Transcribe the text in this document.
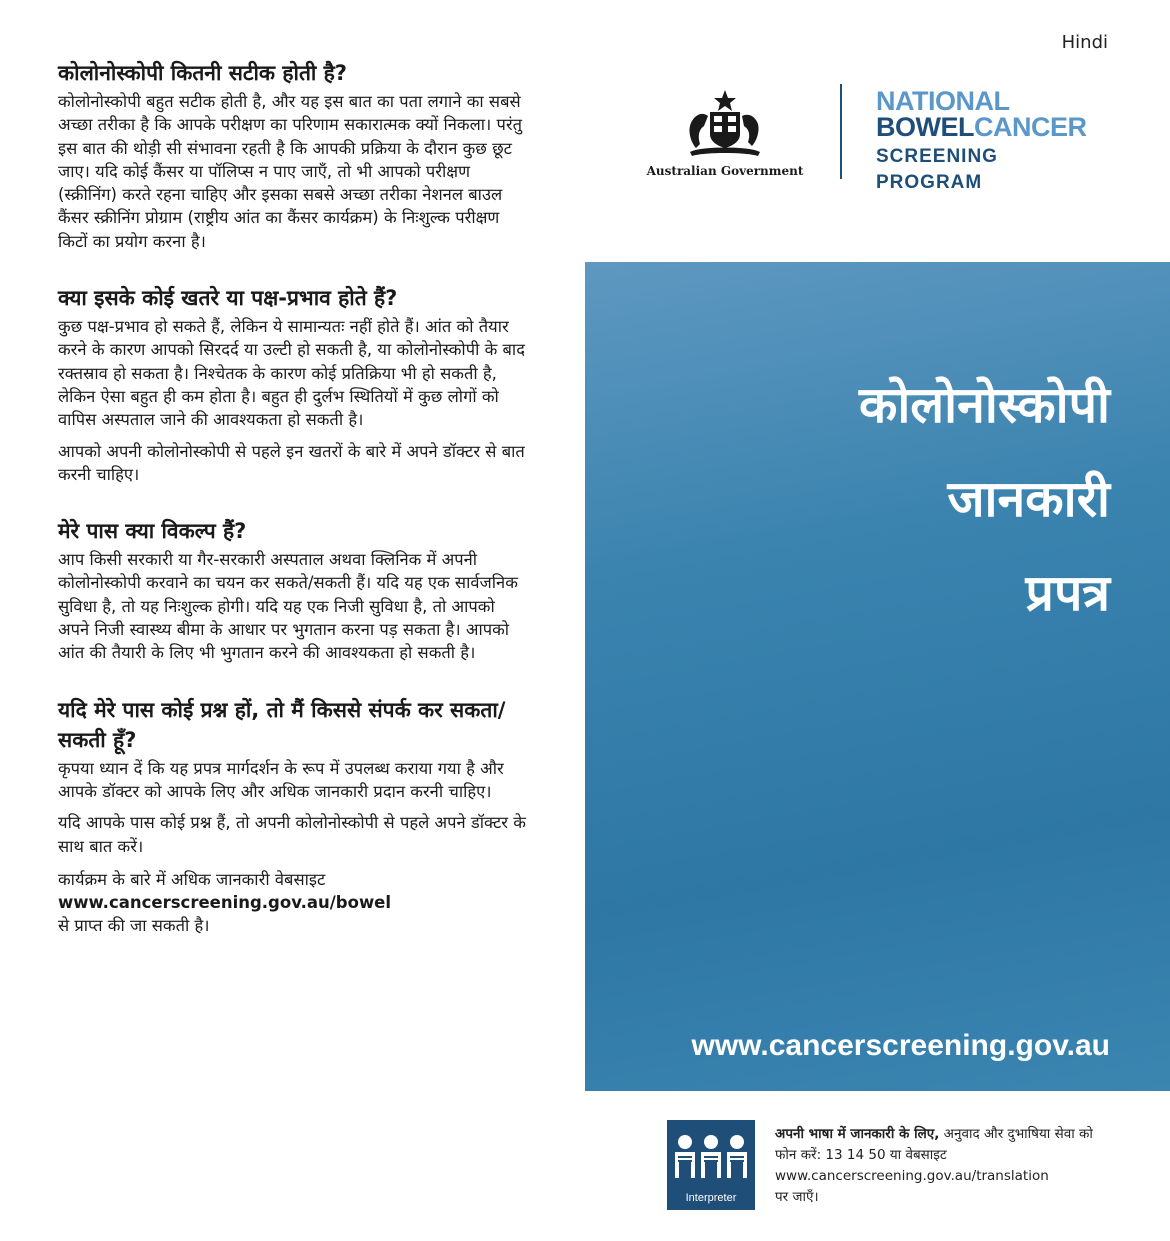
Hindi
कोलोनोस्कोपी कितनी सटीक होती है?

कोलोनोस्कोपी बहुत सटीक होती है, और यह इस बात का पता लगाने का सबसे अच्छा तरीका है कि आपके परीक्षण का परिणाम सकारात्मक क्यों निकला। परंतु इस बात की थोड़ी सी संभावना रहती है कि आपकी प्रक्रिया के दौरान कुछ छूट जाए। यदि कोई कैंसर या पॉलिप्स न पाए जाएँ, तो भी आपको परीक्षण (स्क्रीनिंग) करते रहना चाहिए और इसका सबसे अच्छा तरीका नेशनल बाउल कैंसर स्क्रीनिंग प्रोग्राम (राष्ट्रीय आंत का कैंसर कार्यक्रम) के निःशुल्क परीक्षण किटों का प्रयोग करना है।

क्या इसके कोई खतरे या पक्ष-प्रभाव होते हैं?

कुछ पक्ष-प्रभाव हो सकते हैं, लेकिन ये सामान्यतः नहीं होते हैं। आंत को तैयार करने के कारण आपको सिरदर्द या उल्टी हो सकती है, या कोलोनोस्कोपी के बाद रक्तस्राव हो सकता है। निश्चेतक के कारण कोई प्रतिक्रिया भी हो सकती है, लेकिन ऐसा बहुत ही कम होता है। बहुत ही दुर्लभ स्थितियों में कुछ लोगों को वापिस अस्पताल जाने की आवश्यकता हो सकती है।

आपको अपनी कोलोनोस्कोपी से पहले इन खतरों के बारे में अपने डॉक्टर से बात करनी चाहिए।

मेरे पास क्या विकल्प हैं?

आप किसी सरकारी या गैर-सरकारी अस्पताल अथवा क्लिनिक में अपनी कोलोनोस्कोपी करवाने का चयन कर सकते/सकती हैं। यदि यह एक सार्वजनिक सुविधा है, तो यह निःशुल्क होगी। यदि यह एक निजी सुविधा है, तो आपको अपने निजी स्वास्थ्य बीमा के आधार पर भुगतान करना पड़ सकता है। आपको आंत की तैयारी के लिए भी भुगतान करने की आवश्यकता हो सकती है।

यदि मेरे पास कोई प्रश्न हों, तो मैं किससे संपर्क कर सकता/सकती हूँ?

कृपया ध्यान दें कि यह प्रपत्र मार्गदर्शन के रूप में उपलब्ध कराया गया है और आपके डॉक्टर को आपके लिए और अधिक जानकारी प्रदान करनी चाहिए।

यदि आपके पास कोई प्रश्न हैं, तो अपनी कोलोनोस्कोपी से पहले अपने डॉक्टर के साथ बात करें।

कार्यक्रम के बारे में अधिक जानकारी वेबसाइट
www.cancerscreening.gov.au/bowel
से प्राप्त की जा सकती है।

Australian Government
NATIONAL
BOWELCANCER
SCREENING PROGRAM
कोलोनोस्कोपी
जानकारी
प्रपत्र
www.cancerscreening.gov.au
Interpreter
अपनी भाषा में जानकारी के लिए, अनुवाद और दुभाषिया सेवा को फोन करें: 13 14 50 या वेबसाइट
www.cancerscreening.gov.au/translation
पर जाएँ।
